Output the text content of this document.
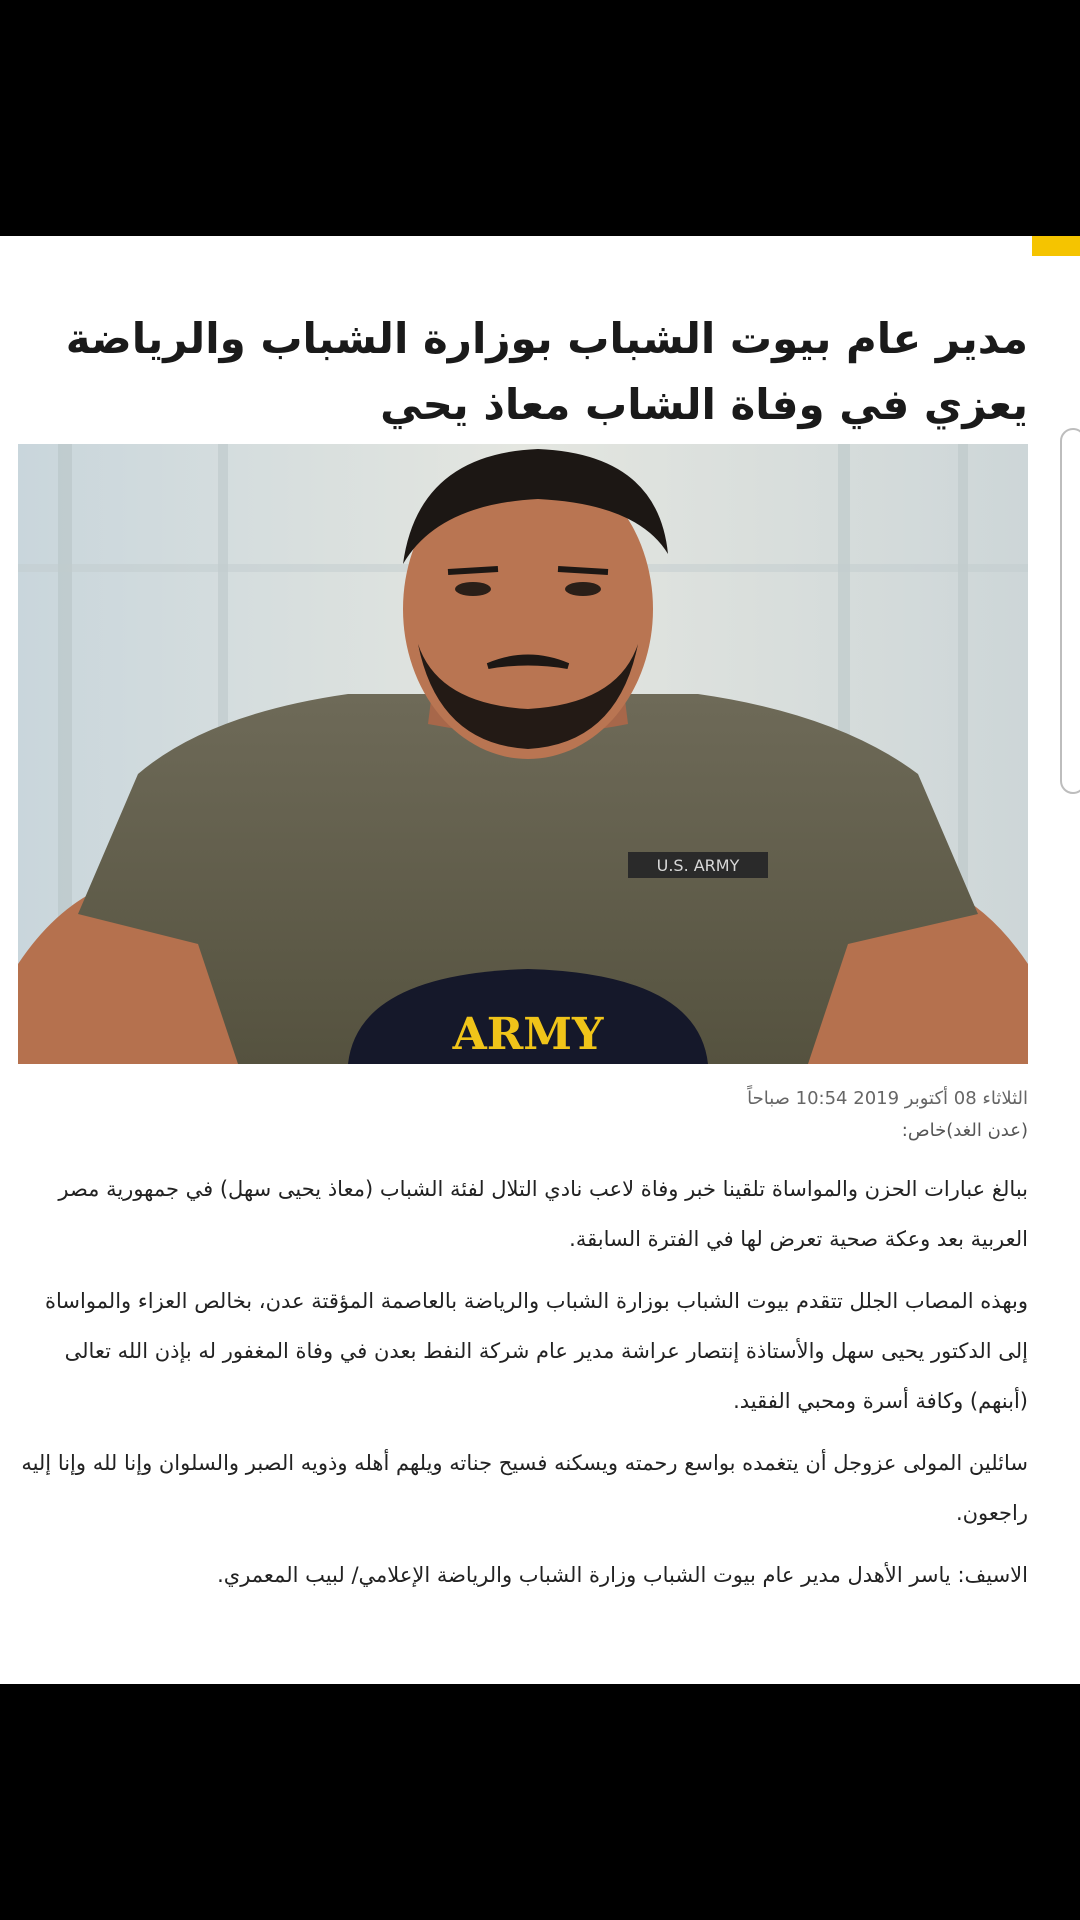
مدير عام بيوت الشباب بوزارة الشباب والرياضة يعزي في وفاة الشاب معاذ يحي
U.S. ARMY
ARMY
الثلاثاء 08 أكتوبر 2019 10:54 صباحاً
(عدن الغد)خاص:

ببالغ عبارات الحزن والمواساة تلقينا خبر وفاة لاعب نادي التلال لفئة الشباب (معاذ يحيى سهل) في جمهورية مصر العربية بعد وعكة صحية تعرض لها في الفترة السابقة.

وبهذه المصاب الجلل تتقدم بيوت الشباب بوزارة الشباب والرياضة بالعاصمة المؤقتة عدن، بخالص العزاء والمواساة إلى الدكتور يحيى سهل والأستاذة إنتصار عراشة مدير عام شركة النفط بعدن في وفاة المغفور له بإذن الله تعالى (أبنهم) وكافة أسرة ومحبي الفقيد.

سائلين المولى عزوجل أن يتغمده بواسع رحمته ويسكنه فسيح جناته ويلهم أهله وذويه الصبر والسلوان وإنا لله وإنا إليه راجعون.

الاسيف: ياسر الأهدل مدير عام بيوت الشباب وزارة الشباب والرياضة الإعلامي/ لبيب المعمري.
